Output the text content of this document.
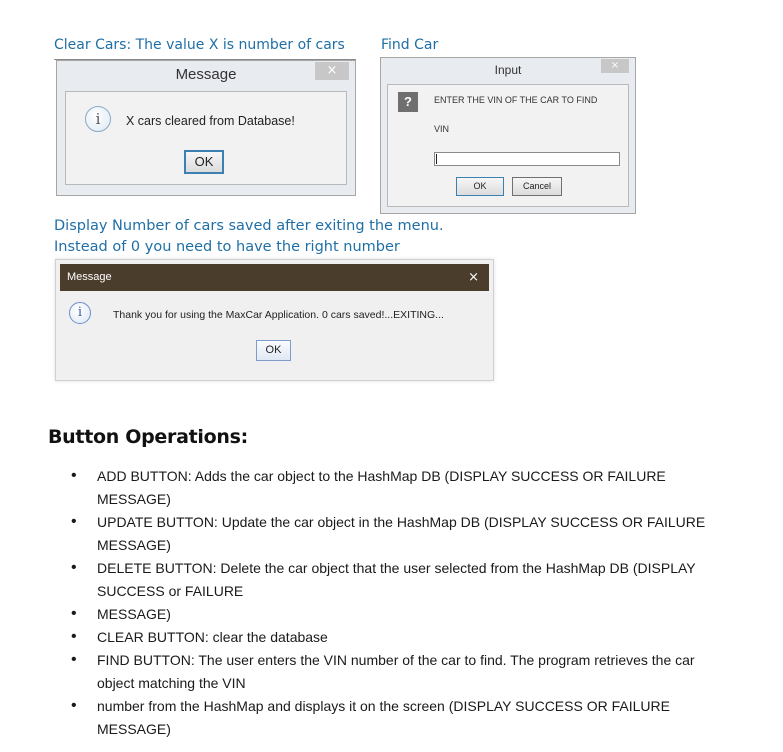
Clear Cars: The value X is number of cars	Find Car
Message	×
i	X cars cleared from Database!
OK
Input	×
?	ENTER THE VIN OF THE CAR TO FIND
VIN
OK	Cancel
Display Number of cars saved after exiting the menu.
Instead of 0 you need to have the right number
Message	×
i	Thank you for using the MaxCar Application. 0 cars saved!...EXITING...
OK
Button Operations:
• ADD BUTTON: Adds the car object to the HashMap DB (DISPLAY SUCCESS OR FAILURE MESSAGE)
• UPDATE BUTTON: Update the car object in the HashMap DB (DISPLAY SUCCESS OR FAILURE MESSAGE)
• DELETE BUTTON: Delete the car object that the user selected from the HashMap DB (DISPLAY SUCCESS or FAILURE
• MESSAGE)
• CLEAR BUTTON: clear the database
• FIND BUTTON: The user enters the VIN number of the car to find. The program retrieves the car object matching the VIN
• number from the HashMap and displays it on the screen (DISPLAY SUCCESS OR FAILURE MESSAGE)
